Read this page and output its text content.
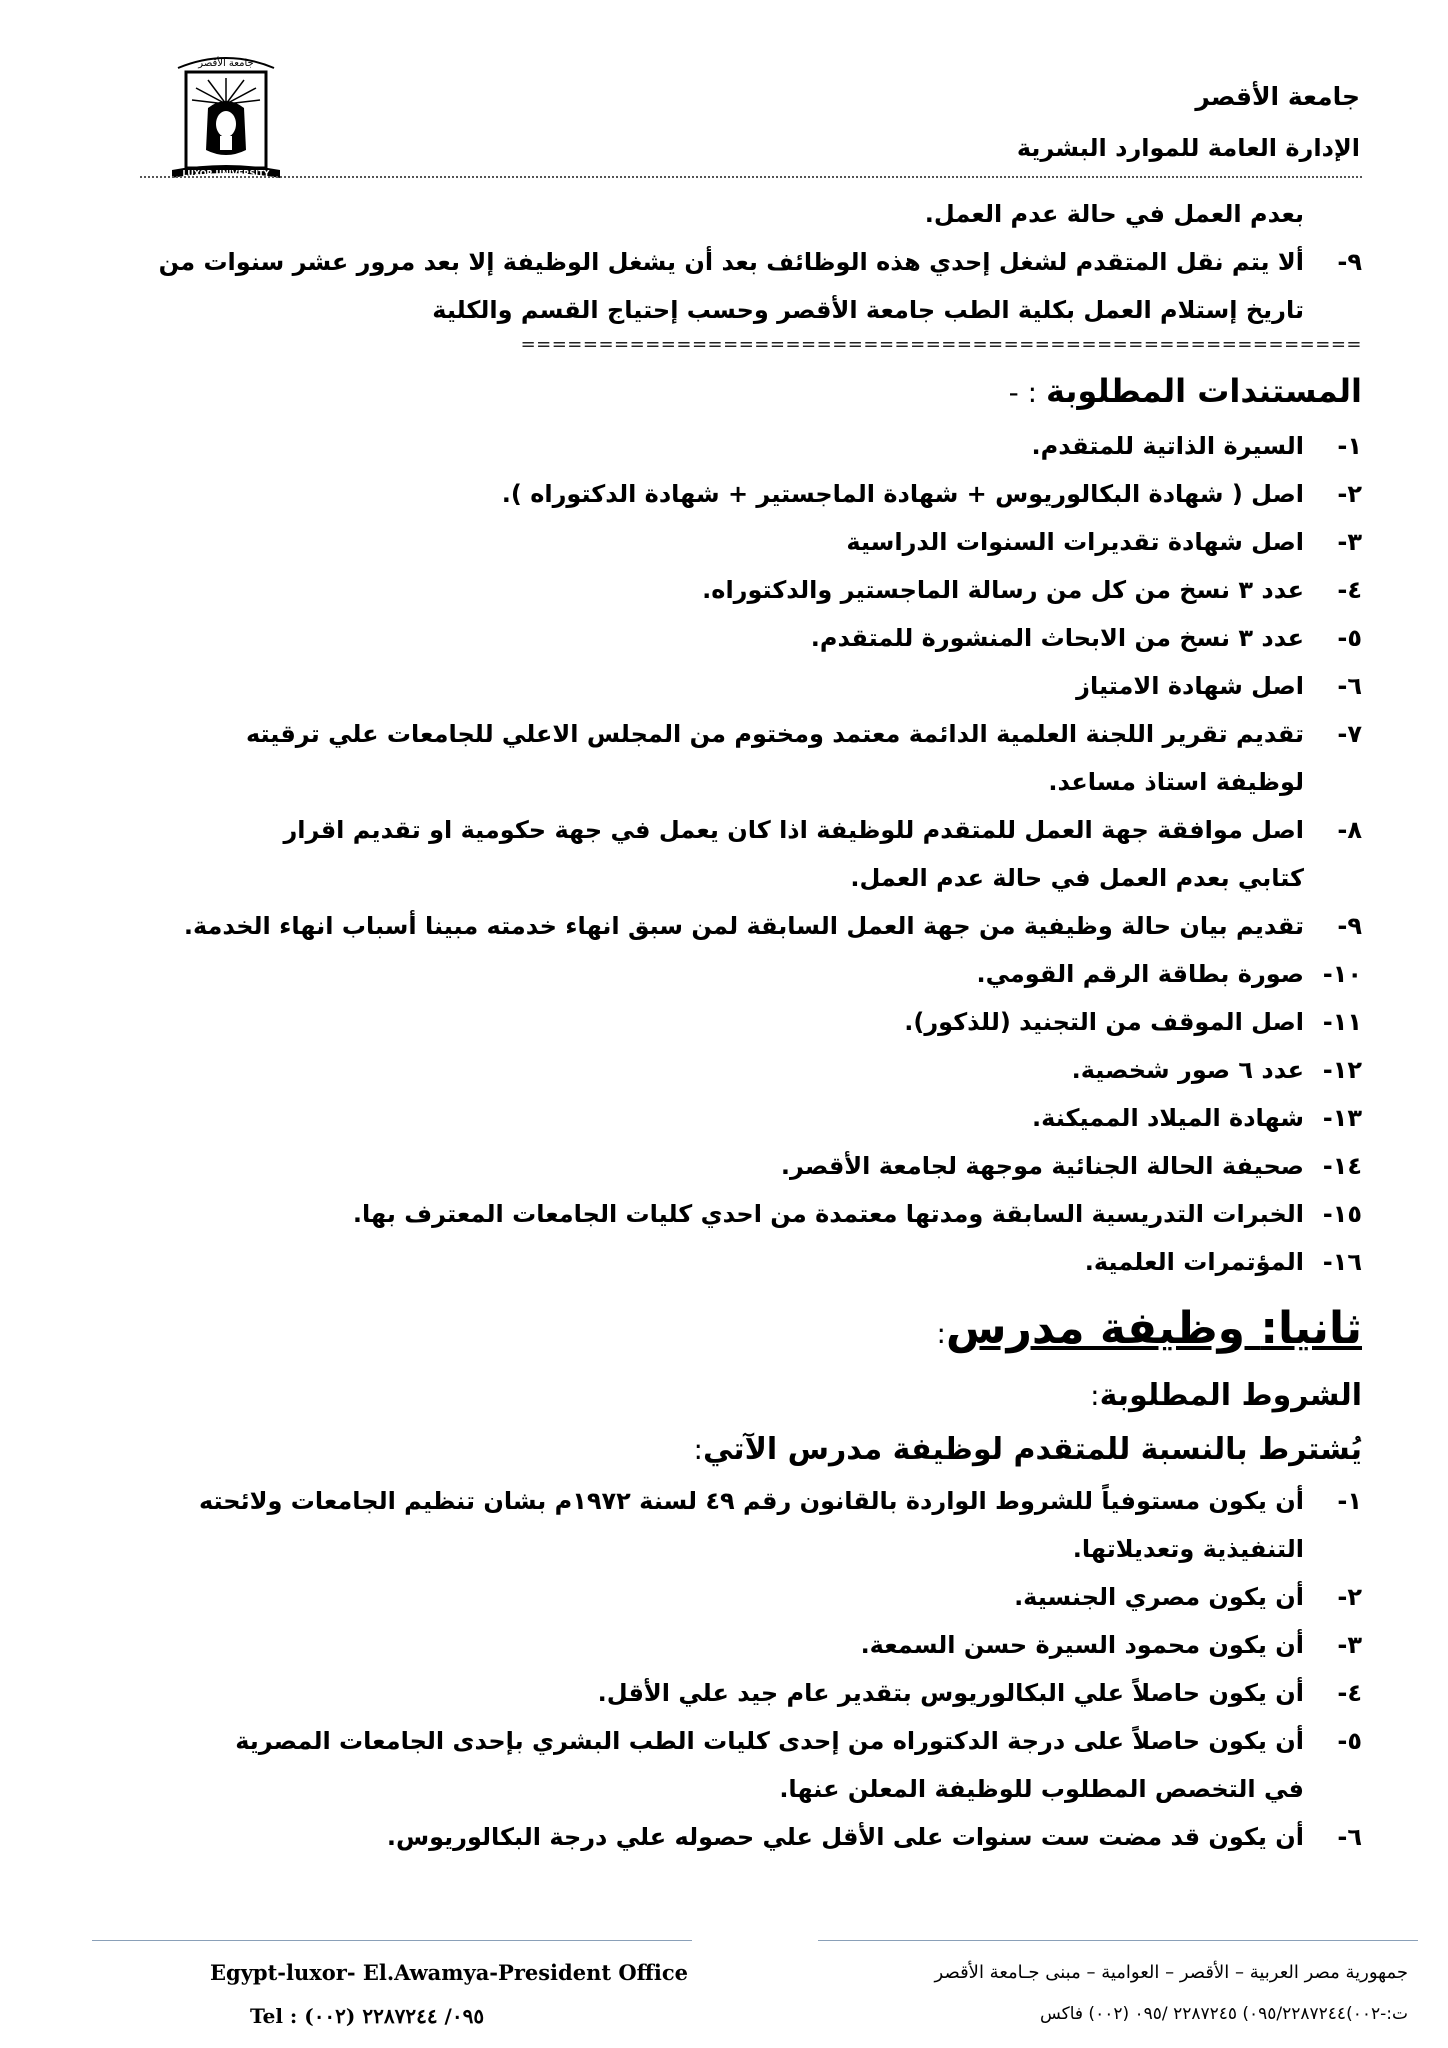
جامعة الأقصر
LUXOR UNIVERSITY
جامعة الأقصر
الإدارة العامة للموارد البشرية
بعدم العمل في حالة عدم العمل.
٩-
ألا يتم نقل المتقدم لشغل إحدي هذه الوظائف بعد أن يشغل الوظيفة إلا بعد مرور عشر سنوات من
تاريخ إستلام العمل بكلية الطب جامعة الأقصر وحسب إحتياج القسم والكلية
======================================================
المستندات المطلوبة : -
١-
السيرة الذاتية للمتقدم.
٢-
اصل ( شهادة البكالوريوس + شهادة الماجستير + شهادة الدكتوراه ).
٣-
اصل شهادة تقديرات السنوات الدراسية
٤-
عدد ٣ نسخ من كل من رسالة الماجستير والدكتوراه.
٥-
عدد ٣ نسخ من الابحاث المنشورة للمتقدم.
٦-
اصل شهادة الامتياز
٧-
تقديم تقرير اللجنة العلمية الدائمة معتمد ومختوم من المجلس الاعلي للجامعات علي ترقيته
لوظيفة استاذ مساعد.
٨-
اصل موافقة جهة العمل للمتقدم للوظيفة اذا كان يعمل في جهة حكومية او تقديم اقرار
كتابي بعدم العمل في حالة عدم العمل.
٩-
تقديم بيان حالة وظيفية من جهة العمل السابقة لمن سبق انهاء خدمته مبينا أسباب انهاء الخدمة.
١٠-
صورة بطاقة الرقم القومي.
١١-
اصل الموقف من التجنيد (للذكور).
١٢-
عدد ٦ صور شخصية.
١٣-
شهادة الميلاد المميكنة.
١٤-
صحيفة الحالة الجنائية موجهة لجامعة الأقصر.
١٥-
الخبرات التدريسية السابقة ومدتها معتمدة من احدي كليات الجامعات المعترف بها.
١٦-
المؤتمرات العلمية.
ثانيا: وظيفة مدرس:
الشروط المطلوبة:
يُشترط بالنسبة للمتقدم لوظيفة مدرس الآتي:
١-
أن يكون مستوفياً للشروط الواردة بالقانون رقم ٤٩ لسنة ١٩٧٢م بشان تنظيم الجامعات ولائحته
التنفيذية وتعديلاتها.
٢-
أن يكون مصري الجنسية.
٣-
أن يكون محمود السيرة حسن السمعة.
٤-
أن يكون حاصلاً علي البكالوريوس بتقدير عام جيد علي الأقل.
٥-
أن يكون حاصلاً على درجة الدكتوراه من إحدى كليات الطب البشري بإحدى الجامعات المصرية
في التخصص المطلوب للوظيفة المعلن عنها.
٦-
أن يكون قد مضت ست سنوات على الأقل علي حصوله علي درجة البكالوريوس.
Egypt-luxor- El.Awamya-President Office
Tel : (٠٠٢) ٠٩٥/ ٢٢٨٧٢٤٤
جمهورية مصر العربية – الأقصر – العوامية – مبنى جـامعة الأقصر
ت:-٠٠٢)٠٩٥/٢٢٨٧٢٤٤) ٢٢٨٧٢٤٥ /٠٩٥ (٠٠٢) فاكس
